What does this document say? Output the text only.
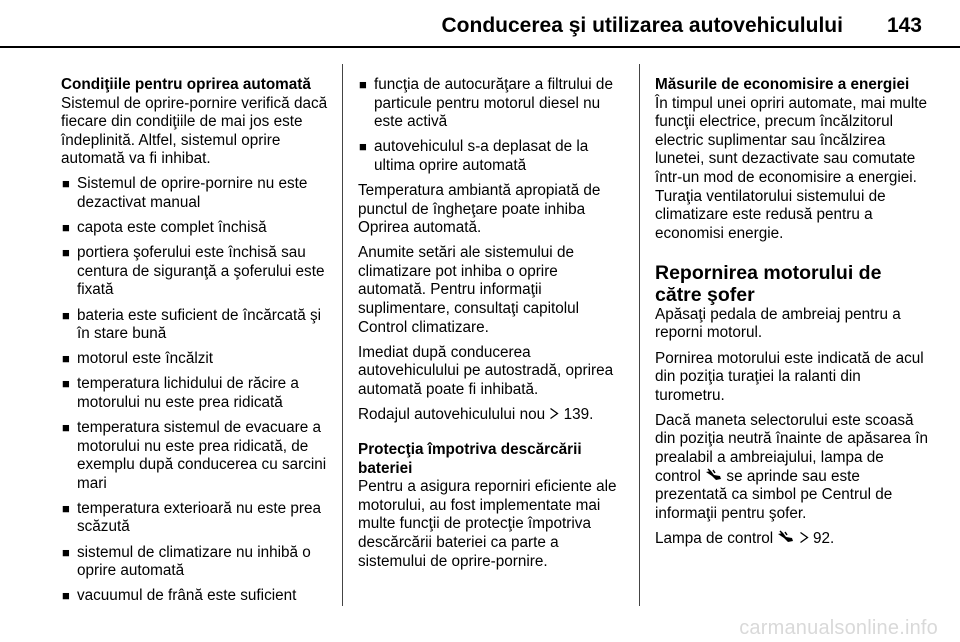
Conducerea şi utilizarea autovehiculului 143
Condiţiile pentru oprirea automată

Sistemul de oprire-pornire verifică dacă fiecare din condiţiile de mai jos este îndeplinită. Altfel, sistemul oprire automată va fi inhibat.

■ Sistemul de oprire-pornire nu este dezactivat manual
■ capota este complet închisă
■ portiera şoferului este închisă sau centura de siguranţă a şoferului este fixată
■ bateria este suficient de încărcată şi în stare bună
■ motorul este încălzit
■ temperatura lichidului de răcire a motorului nu este prea ridicată
■ temperatura sistemul de evacuare a motorului nu este prea ridicată, de exemplu după conducerea cu sarcini mari
■ temperatura exterioară nu este prea scăzută
■ sistemul de climatizare nu inhibă o oprire automată
■ vacuumul de frână este suficient
■ funcţia de autocurăţare a filtrului de particule pentru motorul diesel nu este activă
■ autovehiculul s-a deplasat de la ultima oprire automată

Temperatura ambiantă apropiată de punctul de îngheţare poate inhiba Oprirea automată.

Anumite setări ale sistemului de climatizare pot inhiba o oprire automată. Pentru informaţii suplimentare, consultaţi capitolul Control climatizare.

Imediat după conducerea autovehiculului pe autostradă, oprirea automată poate fi inhibată.

Rodajul autovehiculului nou 139.

Protecţia împotriva descărcării bateriei

Pentru a asigura reporniri eficiente ale motorului, au fost implementate mai multe funcţii de protecţie împotriva descărcării bateriei ca parte a sistemului de oprire-pornire.

Măsurile de economisire a energiei

În timpul unei opriri automate, mai multe funcţii electrice, precum încălzitorul electric suplimentar sau încălzirea lunetei, sunt dezactivate sau comutate într-un mod de economisire a energiei. Turaţia ventilatorului sistemului de climatizare este redusă pentru a economisi energie.

Repornirea motorului de către şofer

Apăsaţi pedala de ambreiaj pentru a reporni motorul.

Pornirea motorului este indicată de acul din poziţia turaţiei la ralanti din turometru.

Dacă maneta selectorului este scoasă din poziţia neutră înainte de apăsarea în prealabil a ambreiajului, lampa de control se aprinde sau este prezentată ca simbol pe Centrul de informaţii pentru şofer.

Lampa de control	92.

carmanualsonline.info
